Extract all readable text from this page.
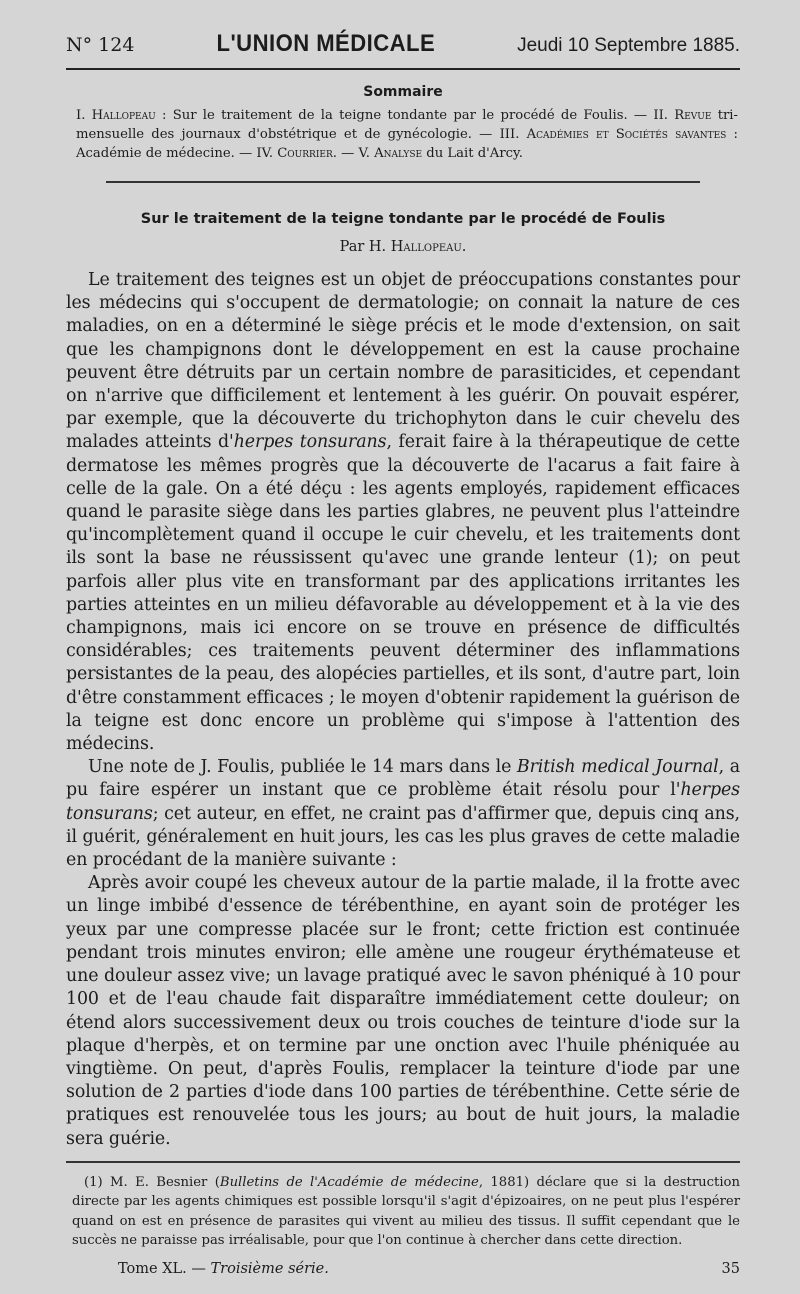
N° 124	L'UNION MÉDICALE	Jeudi 10 Septembre 1885.
Sommaire
I. Hallopeau : Sur le traitement de la teigne tondante par le procédé de Foulis. — II. Revue tri-mensuelle des journaux d'obstétrique et de gynécologie. — III. Académies et Sociétés savantes : Académie de médecine. — IV. Courrier. — V. Analyse du Lait d'Arcy.
Sur le traitement de la teigne tondante par le procédé de Foulis
Par H. Hallopeau.

Le traitement des teignes est un objet de préoccupations constantes pour les médecins qui s'occupent de dermatologie; on connait la nature de ces maladies, on en a déterminé le siège précis et le mode d'extension, on sait que les champignons dont le développement en est la cause prochaine peuvent être détruits par un certain nombre de parasiticides, et cependant on n'arrive que difficilement et lentement à les guérir. On pouvait espérer, par exemple, que la découverte du trichophyton dans le cuir chevelu des malades atteints d'herpes tonsurans, ferait faire à la thérapeutique de cette dermatose les mêmes progrès que la découverte de l'acarus a fait faire à celle de la gale. On a été déçu : les agents employés, rapidement efficaces quand le parasite siège dans les parties glabres, ne peuvent plus l'atteindre qu'incomplètement quand il occupe le cuir chevelu, et les traitements dont ils sont la base ne réussissent qu'avec une grande lenteur (1); on peut parfois aller plus vite en transformant par des applications irritantes les parties atteintes en un milieu défavorable au développement et à la vie des champignons, mais ici encore on se trouve en présence de difficultés considérables; ces traitements peuvent déterminer des inflammations persistantes de la peau, des alopécies partielles, et ils sont, d'autre part, loin d'être constamment efficaces ; le moyen d'obtenir rapidement la guérison de la teigne est donc encore un problème qui s'impose à l'attention des médecins.

Une note de J. Foulis, publiée le 14 mars dans le British medical Journal, a pu faire espérer un instant que ce problème était résolu pour l'herpes tonsurans; cet auteur, en effet, ne craint pas d'affirmer que, depuis cinq ans, il guérit, généralement en huit jours, les cas les plus graves de cette maladie en procédant de la manière suivante :

Après avoir coupé les cheveux autour de la partie malade, il la frotte avec un linge imbibé d'essence de térébenthine, en ayant soin de protéger les yeux par une compresse placée sur le front; cette friction est continuée pendant trois minutes environ; elle amène une rougeur érythémateuse et une douleur assez vive; un lavage pratiqué avec le savon phéniqué à 10 pour 100 et de l'eau chaude fait disparaître immédiatement cette douleur; on étend alors successivement deux ou trois couches de teinture d'iode sur la plaque d'herpès, et on termine par une onction avec l'huile phéniquée au vingtième. On peut, d'après Foulis, remplacer la teinture d'iode par une solution de 2 parties d'iode dans 100 parties de térébenthine. Cette série de pratiques est renouvelée tous les jours; au bout de huit jours, la maladie sera guérie.

(1) M. E. Besnier (Bulletins de l'Académie de médecine, 1881) déclare que si la destruction directe par les agents chimiques est possible lorsqu'il s'agit d'épizoaires, on ne peut plus l'espérer quand on est en présence de parasites qui vivent au milieu des tissus. Il suffit cependant que le succès ne paraisse pas irréalisable, pour que l'on continue à chercher dans cette direction.
Tome XL. — Troisième série.	35
